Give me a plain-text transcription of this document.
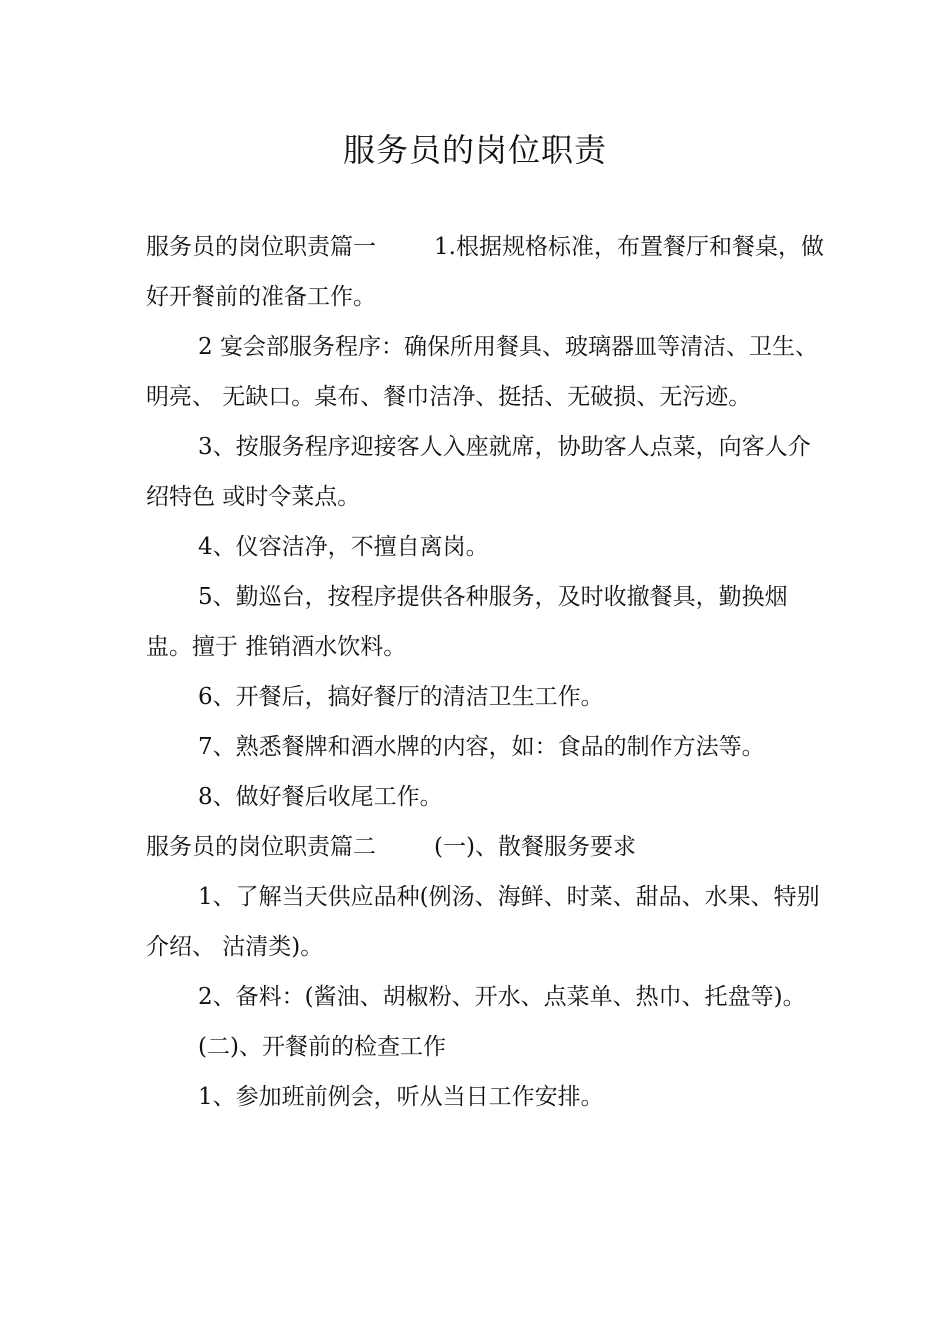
服务员的岗位职责

服务员的岗位职责篇一	1.根据规格标准，布置餐厅和餐桌，做好开餐前的准备工作。

2 宴会部服务程序：确保所用餐具、玻璃器皿等清洁、卫生、明亮、 无缺口。桌布、餐巾洁净、挺括、无破损、无污迹。

3、按服务程序迎接客人入座就席，协助客人点菜，向客人介绍特色 或时令菜点。

4、仪容洁净，不擅自离岗。

5、勤巡台，按程序提供各种服务，及时收撤餐具，勤换烟盅。擅于 推销酒水饮料。

6、开餐后，搞好餐厅的清洁卫生工作。

7、熟悉餐牌和酒水牌的内容，如：食品的制作方法等。

8、做好餐后收尾工作。

服务员的岗位职责篇二	(一)、散餐服务要求

1、了解当天供应品种(例汤、海鲜、时菜、甜品、水果、特别介绍、 沽清类)。

2、备料：(酱油、胡椒粉、开水、点菜单、热巾、托盘等)。

(二)、开餐前的检查工作

1、参加班前例会，听从当日工作安排。
